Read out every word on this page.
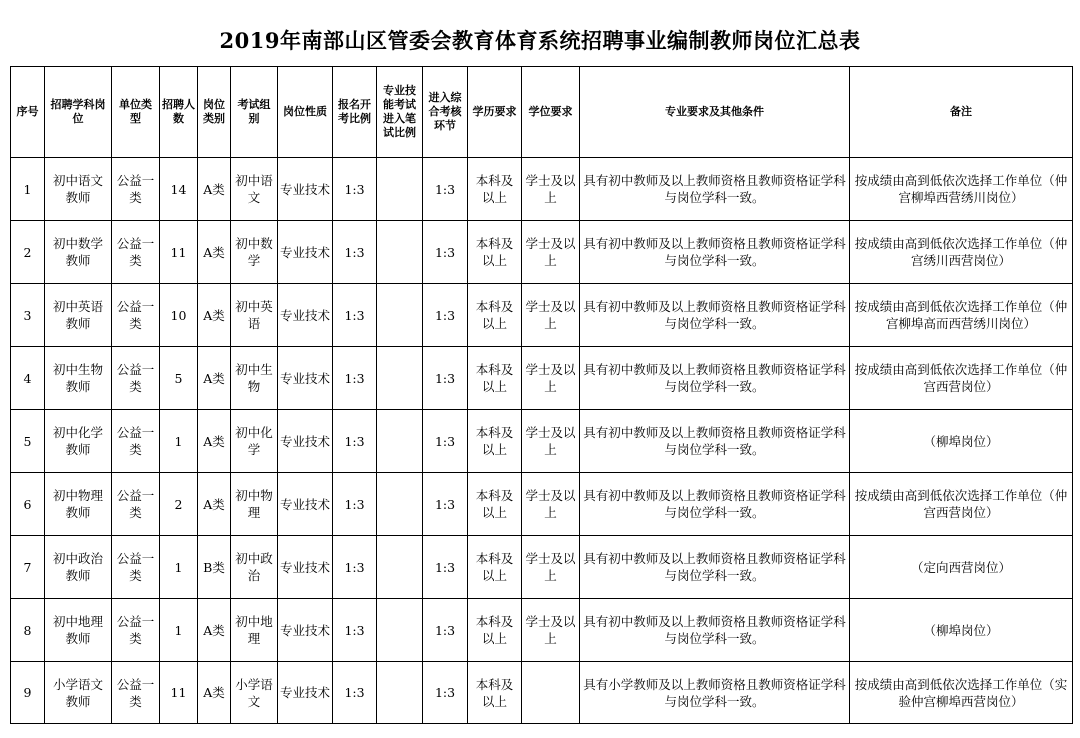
2019年南部山区管委会教育体育系统招聘事业编制教师岗位汇总表
序号	招聘学科岗位	单位类型	招聘人数	岗位类别	考试组别	岗位性质	报名开考比例	专业技能考试进入笔试比例	进入综合考核环节	学历要求	学位要求	专业要求及其他条件	备注
1	初中语文教师	公益一类	14	A类	初中语文	专业技术	1:3		1:3	本科及以上	学士及以上	具有初中教师及以上教师资格且教师资格证学科与岗位学科一致。	按成绩由高到低依次选择工作单位（仲宫柳埠西营绣川岗位）
2	初中数学教师	公益一类	11	A类	初中数学	专业技术	1:3		1:3	本科及以上	学士及以上	具有初中教师及以上教师资格且教师资格证学科与岗位学科一致。	按成绩由高到低依次选择工作单位（仲宫绣川西营岗位）
3	初中英语教师	公益一类	10	A类	初中英语	专业技术	1:3		1:3	本科及以上	学士及以上	具有初中教师及以上教师资格且教师资格证学科与岗位学科一致。	按成绩由高到低依次选择工作单位（仲宫柳埠高而西营绣川岗位）
4	初中生物教师	公益一类	5	A类	初中生物	专业技术	1:3		1:3	本科及以上	学士及以上	具有初中教师及以上教师资格且教师资格证学科与岗位学科一致。	按成绩由高到低依次选择工作单位（仲宫西营岗位）
5	初中化学教师	公益一类	1	A类	初中化学	专业技术	1:3		1:3	本科及以上	学士及以上	具有初中教师及以上教师资格且教师资格证学科与岗位学科一致。	（柳埠岗位）
6	初中物理教师	公益一类	2	A类	初中物理	专业技术	1:3		1:3	本科及以上	学士及以上	具有初中教师及以上教师资格且教师资格证学科与岗位学科一致。	按成绩由高到低依次选择工作单位（仲宫西营岗位）
7	初中政治教师	公益一类	1	B类	初中政治	专业技术	1:3		1:3	本科及以上	学士及以上	具有初中教师及以上教师资格且教师资格证学科与岗位学科一致。	（定向西营岗位）
8	初中地理教师	公益一类	1	A类	初中地理	专业技术	1:3		1:3	本科及以上	学士及以上	具有初中教师及以上教师资格且教师资格证学科与岗位学科一致。	（柳埠岗位）
9	小学语文教师	公益一类	11	A类	小学语文	专业技术	1:3		1:3	本科及以上		具有小学教师及以上教师资格且教师资格证学科与岗位学科一致。	按成绩由高到低依次选择工作单位（实验仲宫柳埠西营岗位）
